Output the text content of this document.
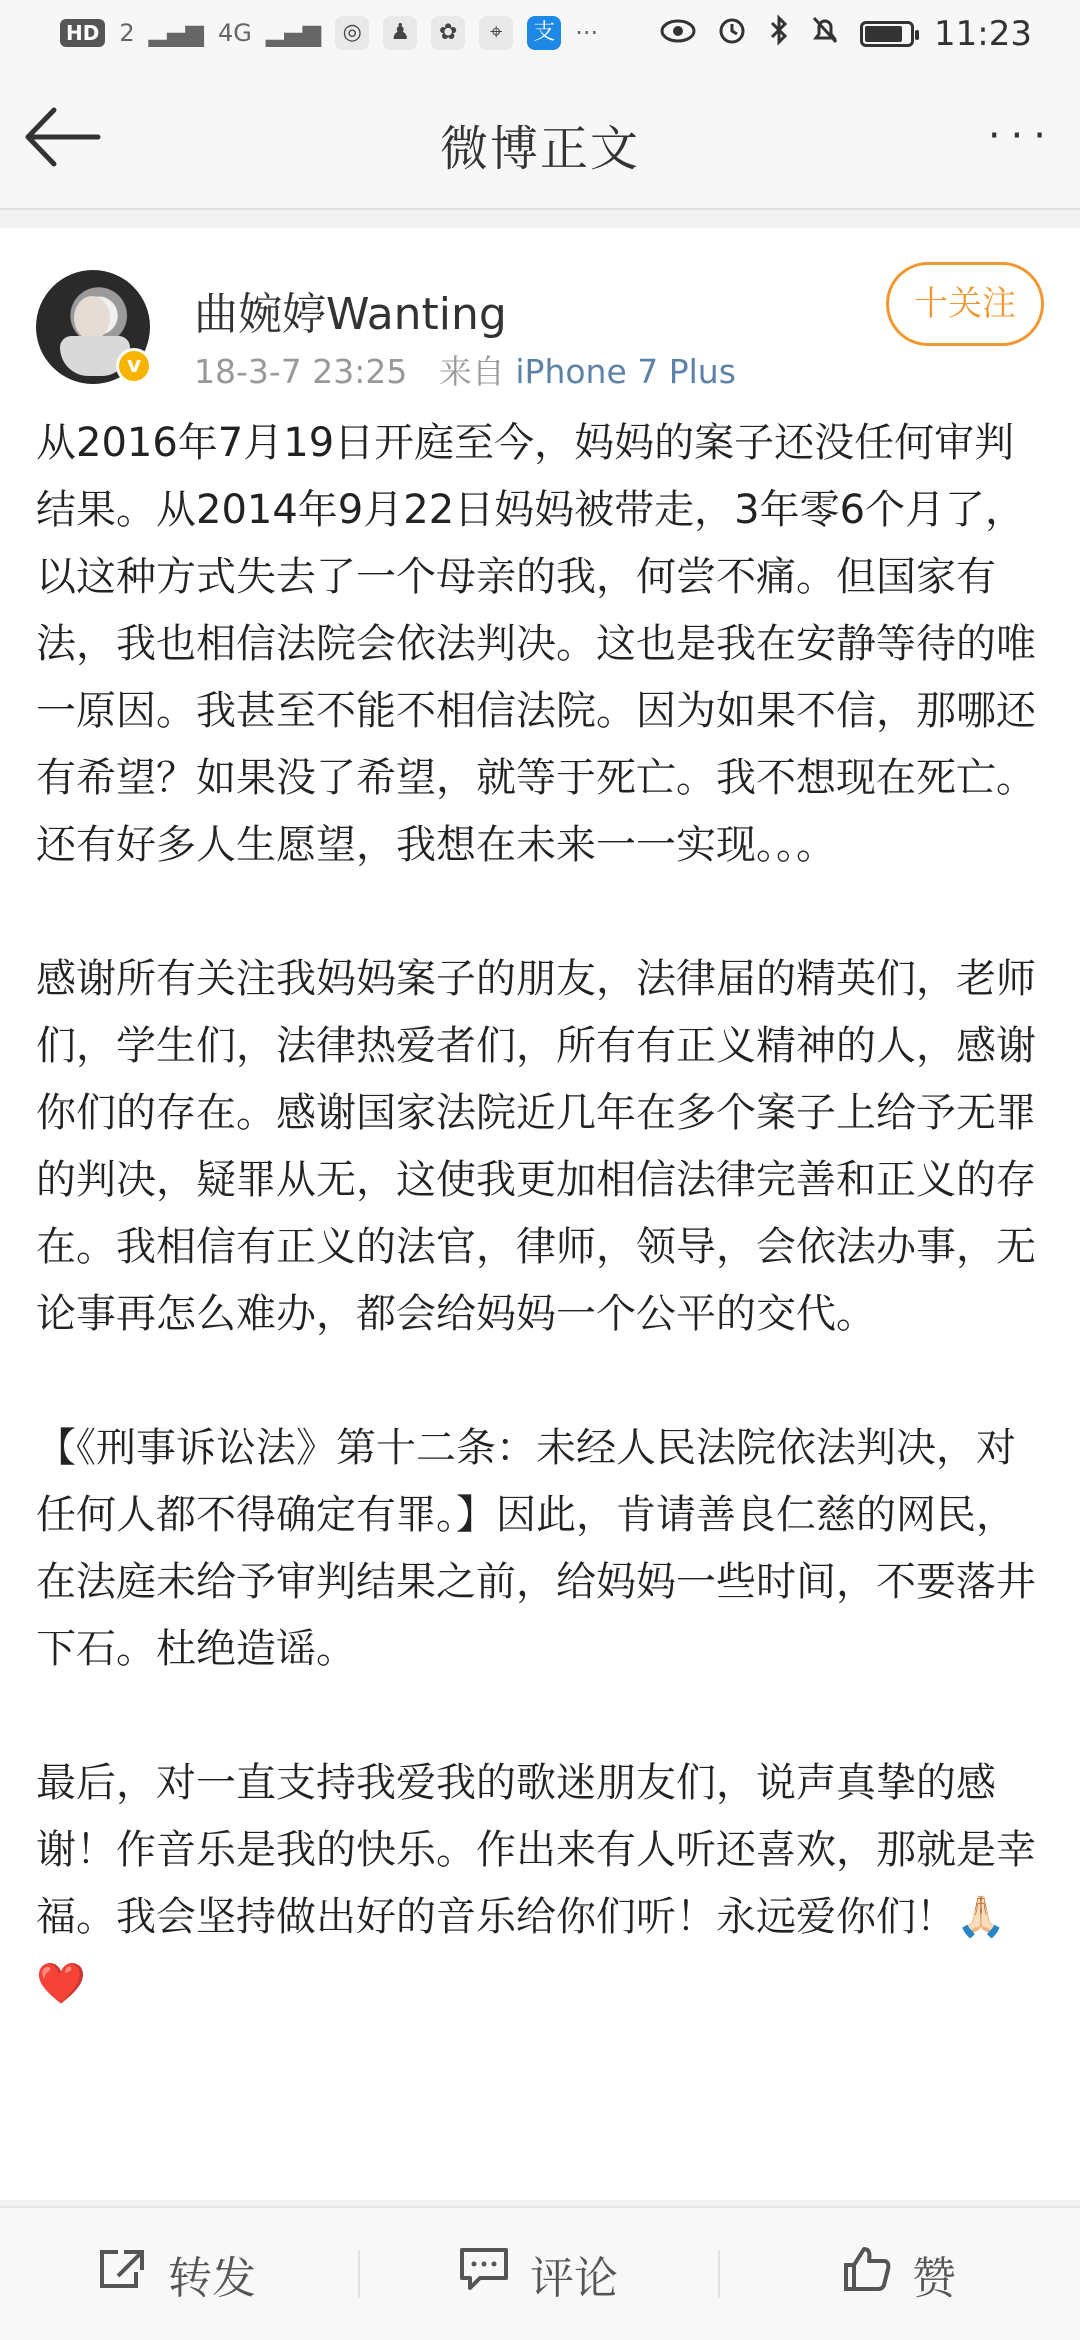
HD 2 ▂▄▆ 4G ▂▄▆ ◎	♟	✿	⌖	支 ···	11:23
微博正文	···
v
曲婉婷Wanting
18-3-7 23:25 来自 iPhone 7 Plus
十关注

从2016年7月19日开庭至今，妈妈的案子还没任何审判结果。从2014年9月22日妈妈被带走，3年零6个月了，以这种方式失去了一个母亲的我，何尝不痛。但国家有法，我也相信法院会依法判决。这也是我在安静等待的唯一原因。我甚至不能不相信法院。因为如果不信，那哪还有希望？如果没了希望，就等于死亡。我不想现在死亡。还有好多人生愿望，我想在未来一一实现。。。

感谢所有关注我妈妈案子的朋友，法律届的精英们，老师们，学生们，法律热爱者们，所有有正义精神的人，感谢你们的存在。感谢国家法院近几年在多个案子上给予无罪的判决，疑罪从无，这使我更加相信法律完善和正义的存在。我相信有正义的法官，律师，领导，会依法办事，无论事再怎么难办，都会给妈妈一个公平的交代。

【《刑事诉讼法》第十二条：未经人民法院依法判决，对任何人都不得确定有罪。】因此，肯请善良仁慈的网民，在法庭未给予审判结果之前，给妈妈一些时间，不要落井下石。杜绝造谣。

最后，对一直支持我爱我的歌迷朋友们，说声真挚的感谢！作音乐是我的快乐。作出来有人听还喜欢，那就是幸福。我会坚持做出好的音乐给你们听！永远爱你们！🙏🏻❤️

转发	评论	赞
